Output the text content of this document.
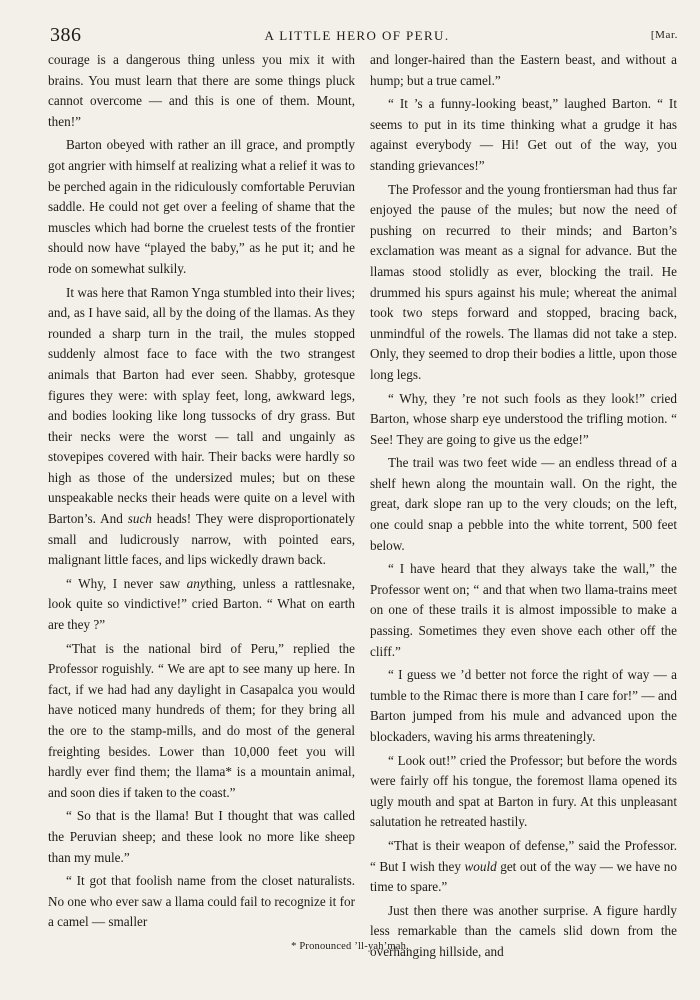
386	A LITTLE HERO OF PERU.	[Mar.

courage is a dangerous thing unless you mix it with brains. You must learn that there are some things pluck cannot overcome — and this is one of them. Mount, then!”

Barton obeyed with rather an ill grace, and promptly got angrier with himself at realizing what a relief it was to be perched again in the ridiculously comfortable Peruvian saddle. He could not get over a feeling of shame that the muscles which had borne the cruelest tests of the frontier should now have “played the baby,” as he put it; and he rode on somewhat sulkily.

It was here that Ramon Ynga stumbled into their lives; and, as I have said, all by the doing of the llamas. As they rounded a sharp turn in the trail, the mules stopped suddenly almost face to face with the two strangest animals that Barton had ever seen. Shabby, grotesque figures they were: with splay feet, long, awkward legs, and bodies looking like long tussocks of dry grass. But their necks were the worst — tall and ungainly as stovepipes covered with hair. Their backs were hardly so high as those of the undersized mules; but on these unspeakable necks their heads were quite on a level with Barton’s. And such heads! They were disproportionately small and ludicrously narrow, with pointed ears, malignant little faces, and lips wickedly drawn back.

“ Why, I never saw anything, unless a rattlesnake, look quite so vindictive!” cried Barton. “ What on earth are they ?”

“That is the national bird of Peru,” replied the Professor roguishly. “ We are apt to see many up here. In fact, if we had had any daylight in Casapalca you would have noticed many hundreds of them; for they bring all the ore to the stamp-mills, and do most of the general freighting besides. Lower than 10,000 feet you will hardly ever find them; the llama* is a mountain animal, and soon dies if taken to the coast.”

“ So that is the llama! But I thought that was called the Peruvian sheep; and these look no more like sheep than my mule.”

“ It got that foolish name from the closet naturalists. No one who ever saw a llama could fail to recognize it for a camel — smaller

and longer-haired than the Eastern beast, and without a hump; but a true camel.”

“ It ’s a funny-looking beast,” laughed Barton. “ It seems to put in its time thinking what a grudge it has against everybody — Hi! Get out of the way, you standing grievances!”

The Professor and the young frontiersman had thus far enjoyed the pause of the mules; but now the need of pushing on recurred to their minds; and Barton’s exclamation was meant as a signal for advance. But the llamas stood stolidly as ever, blocking the trail. He drummed his spurs against his mule; whereat the animal took two steps forward and stopped, bracing back, unmindful of the rowels. The llamas did not take a step. Only, they seemed to drop their bodies a little, upon those long legs.

“ Why, they ’re not such fools as they look!” cried Barton, whose sharp eye understood the trifling motion. “ See! They are going to give us the edge!”

The trail was two feet wide — an endless thread of a shelf hewn along the mountain wall. On the right, the great, dark slope ran up to the very clouds; on the left, one could snap a pebble into the white torrent, 500 feet below.

“ I have heard that they always take the wall,” the Professor went on; “ and that when two llama-trains meet on one of these trails it is almost impossible to make a passing. Sometimes they even shove each other off the cliff.”

“ I guess we ’d better not force the right of way — a tumble to the Rimac there is more than I care for!” — and Barton jumped from his mule and advanced upon the blockaders, waving his arms threateningly.

“ Look out!” cried the Professor; but before the words were fairly off his tongue, the foremost llama opened its ugly mouth and spat at Barton in fury. At this unpleasant salutation he retreated hastily.

“That is their weapon of defense,” said the Professor. “ But I wish they would get out of the way — we have no time to spare.”

Just then there was another surprise. A figure hardly less remarkable than the camels slid down from the overhanging hillside, and

* Pronounced ’ll-yah’mah.
